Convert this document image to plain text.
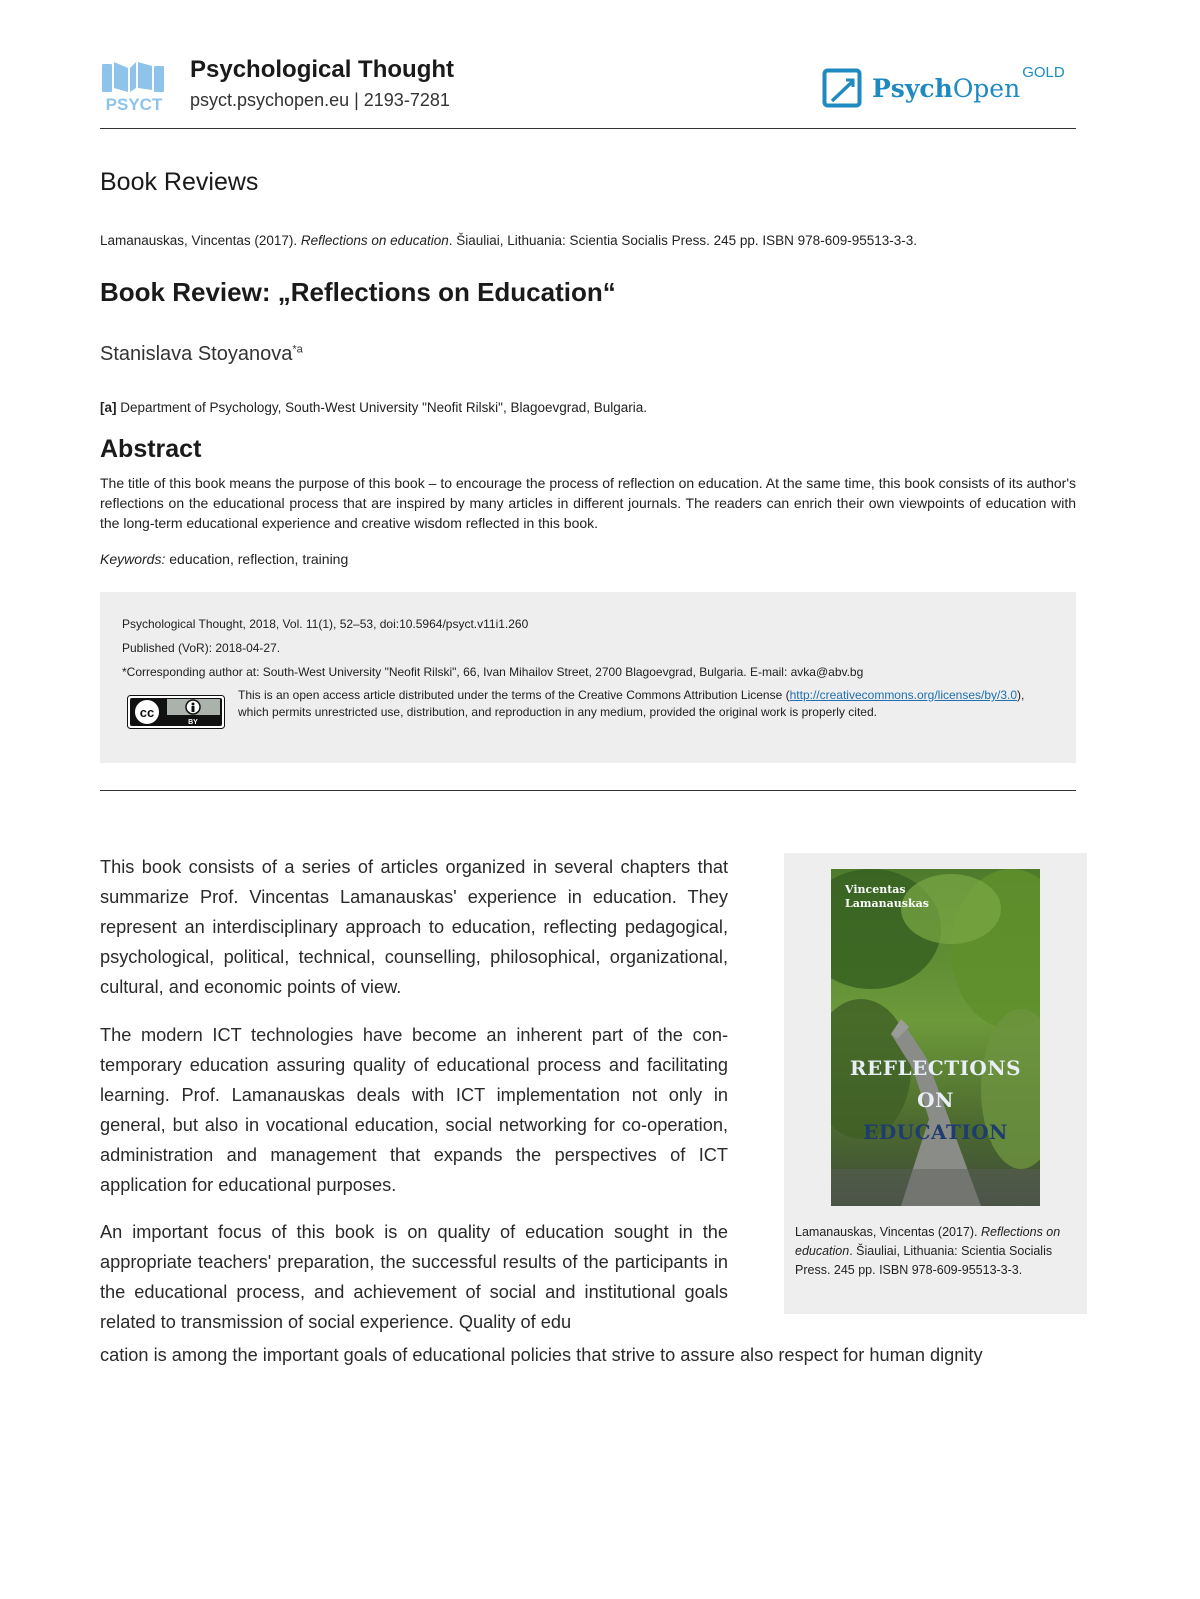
PSYCT
Psychological Thought
psyct.psychopen.eu | 2193-7281	PsychOpen$^{GOLD}$
Book Reviews
Lamanauskas, Vincentas (2017). Reflections on education. Šiauliai, Lithuania: Scientia Socialis Press. 245 pp. ISBN 978-609-95513-3-3.
Book Review: „Reflections on Education“
Stanislava Stoyanova$^{*a}$
[a] Department of Psychology, South-West University "Neofit Rilski", Blagoevgrad, Bulgaria.
Abstract
The title of this book means the purpose of this book – to encourage the process of reflection on education. At the same time, this book consists of its author's reflections on the educational process that are inspired by many articles in different journals. The readers can enrich their own viewpoints of education with the long-term educational experience and creative wisdom reflected in this book.
Keywords: education, reflection, training
Psychological Thought, 2018, Vol. 11(1), 52–53, doi:10.5964/psyct.v11i1.260
Published (VoR): 2018-04-27.
*Corresponding author at: South-West University "Neofit Rilski", 66, Ivan Mihailov Street, 2700 Blagoevgrad, Bulgaria. E-mail: avka@abv.bg
cc
BY
This is an open access article distributed under the terms of the Creative Commons Attribution License (http://creativecommons.org/licenses/by/3.0), which permits unrestricted use, distribution, and reproduction in any medium, provided the original work is properly cited.

This book consists of a series of articles organized in several chapters that summarize Prof. Vincentas Lamanauskas' experience in education. They represent an interdisciplinary approach to education, reflecting pedagogical, psychological, political, technical, counselling, philosophical, organizational, cultural, and economic points of view.

The modern ICT technologies have become an inherent part of the contemporary education assuring quality of educational process and facilitating learning. Prof. Lamanauskas deals with ICT implementation not only in general, but also in vocational education, social networking for co-operation, administration and management that expands the perspectives of ICT application for educational purposes.

An important focus of this book is on quality of education sought in the appropriate teachers' preparation, the successful results of the participants in the educational process, and achievement of social and institutional goals related to transmission of social experience. Quality of edu

cation is among the important goals of educational policies that strive to assure also respect for human dignity
Vincentas
Lamanauskas
REFLECTIONS
ON
EDUCATION
Lamanauskas, Vincentas (2017). Reflections on education. Šiauliai, Lithuania: Scientia Socialis Press. 245 pp. ISBN 978-609-95513-3-3.
